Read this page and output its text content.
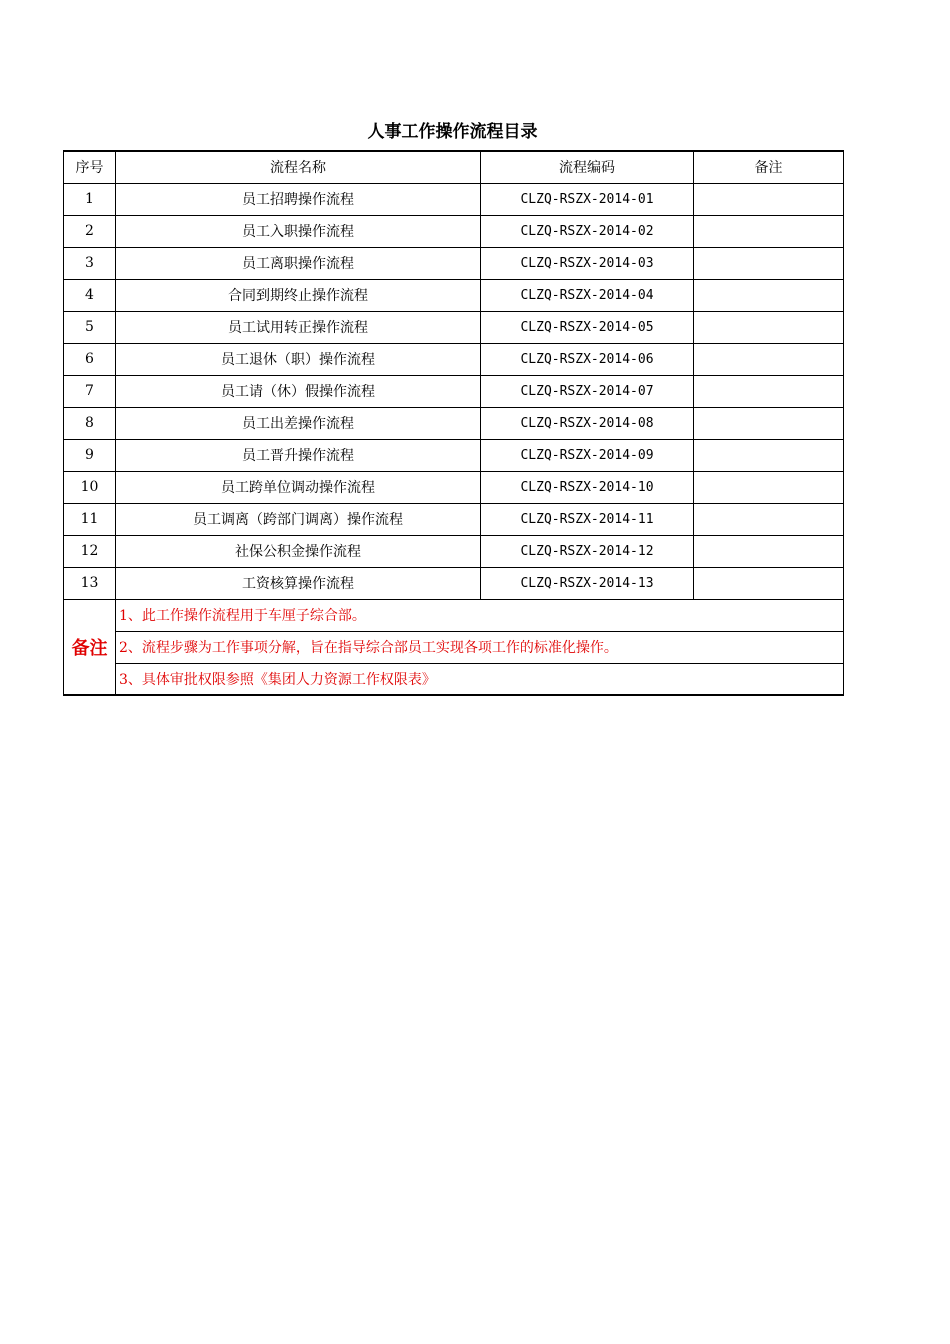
人事工作操作流程目录
序号	流程名称	流程编码	备注
1	员工招聘操作流程	CLZQ-RSZX-2014-01	
2	员工入职操作流程	CLZQ-RSZX-2014-02	
3	员工离职操作流程	CLZQ-RSZX-2014-03	
4	合同到期终止操作流程	CLZQ-RSZX-2014-04	
5	员工试用转正操作流程	CLZQ-RSZX-2014-05	
6	员工退休（职）操作流程	CLZQ-RSZX-2014-06	
7	员工请（休）假操作流程	CLZQ-RSZX-2014-07	
8	员工出差操作流程	CLZQ-RSZX-2014-08	
9	员工晋升操作流程	CLZQ-RSZX-2014-09	
10	员工跨单位调动操作流程	CLZQ-RSZX-2014-10	
11	员工调离（跨部门调离）操作流程	CLZQ-RSZX-2014-11	
12	社保公积金操作流程	CLZQ-RSZX-2014-12	
13	工资核算操作流程	CLZQ-RSZX-2014-13	
备注	1、此工作操作流程用于车厘子综合部。		
	2、流程步骤为工作事项分解，旨在指导综合部员工实现各项工作的标准化操作。		
	3、具体审批权限参照《集团人力资源工作权限表》		
